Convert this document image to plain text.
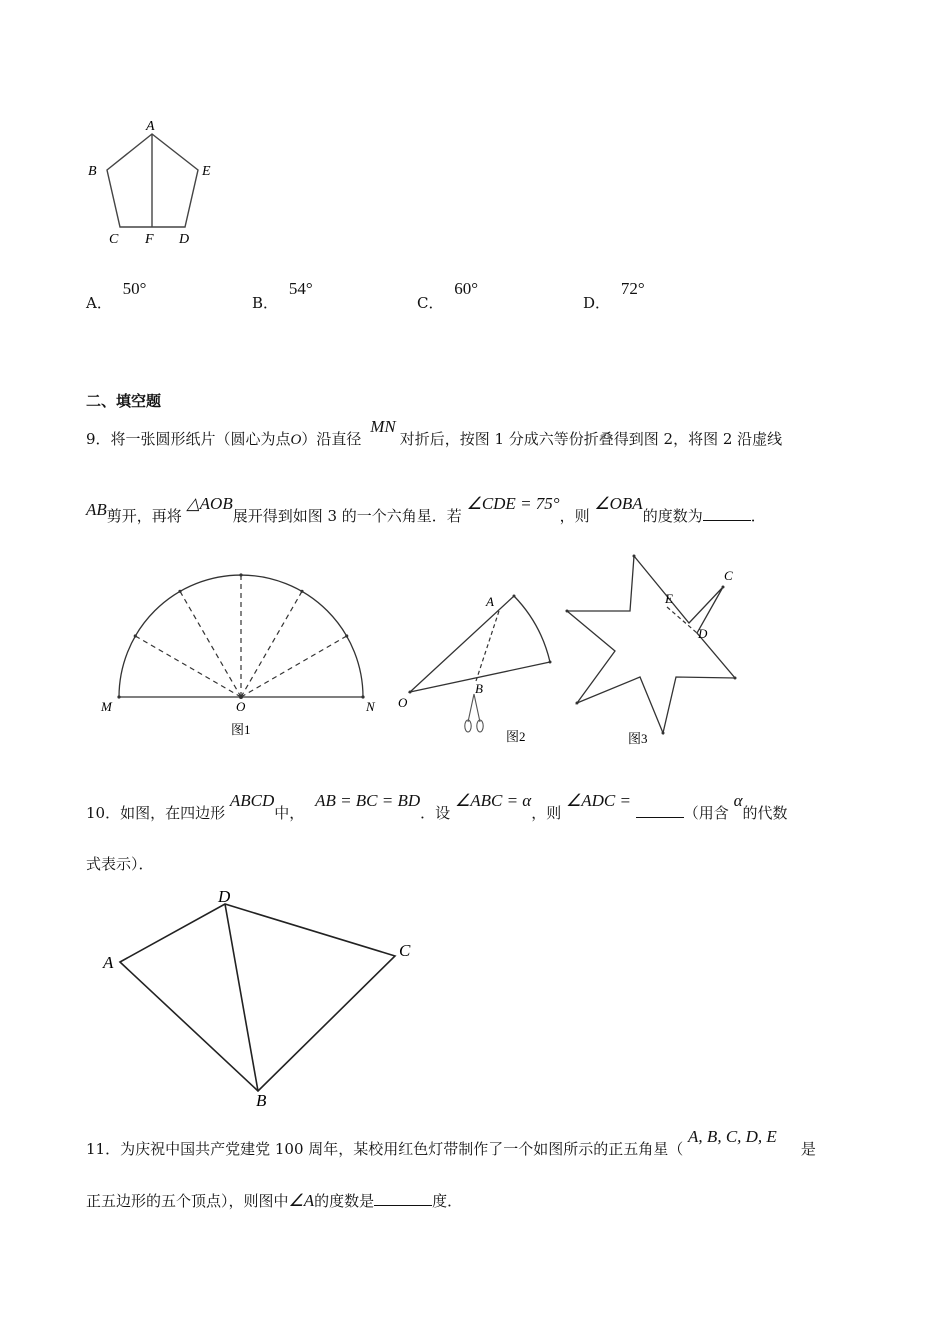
A
B
C	D
E
F
A． 50°
B． 54°
C． 60°
D． 72°
二、填空题
9．将一张圆形纸片（圆心为点O）沿直径 MN对折后，按图 1 分成六等份折叠得到图 2，将图 2 沿虚线
AB剪开，再将 △AOB展开得到如图 3 的一个六角星．若 ∠CDE = 75°，则 ∠OBA的度数为	．
M	O	N
图1
A
B
O
图2
C
E
D
图3
10．如图，在四边形 ABCD中， AB = BC = BD．设 ∠ABC = α，则 ∠ADC = （用含 α的代数
式表示）．
A
D
C
B
11．为庆祝中国共产党建党 100 周年，某校用红色灯带制作了一个如图所示的正五角星（ A, B, C, D, E是
正五边形的五个顶点），则图中∠A的度数是	度．
